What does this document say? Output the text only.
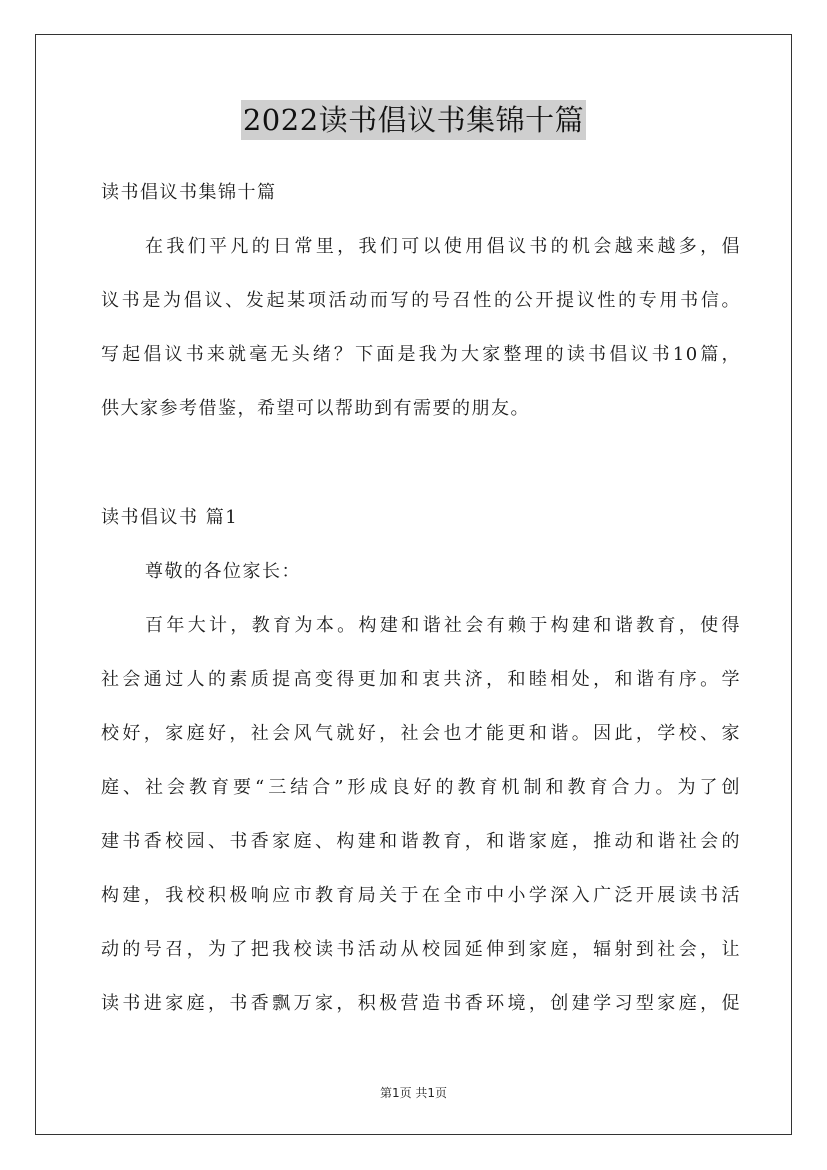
2022读书倡议书集锦十篇
读书倡议书集锦十篇
在我们平凡的日常里，我们可以使用倡议书的机会越来越多，倡
议书是为倡议、发起某项活动而写的号召性的公开提议性的专用书信。
写起倡议书来就毫无头绪？下面是我为大家整理的读书倡议书10篇，
供大家参考借鉴，希望可以帮助到有需要的朋友。
读书倡议书 篇1
尊敬的各位家长：
百年大计，教育为本。构建和谐社会有赖于构建和谐教育，使得
社会通过人的素质提高变得更加和衷共济，和睦相处，和谐有序。学
校好，家庭好，社会风气就好，社会也才能更和谐。因此，学校、家
庭、社会教育要“三结合”形成良好的教育机制和教育合力。为了创
建书香校园、书香家庭、构建和谐教育，和谐家庭，推动和谐社会的
构建，我校积极响应市教育局关于在全市中小学深入广泛开展读书活
动的号召，为了把我校读书活动从校园延伸到家庭，辐射到社会，让
读书进家庭，书香飘万家，积极营造书香环境，创建学习型家庭，促
第1页 共1页
